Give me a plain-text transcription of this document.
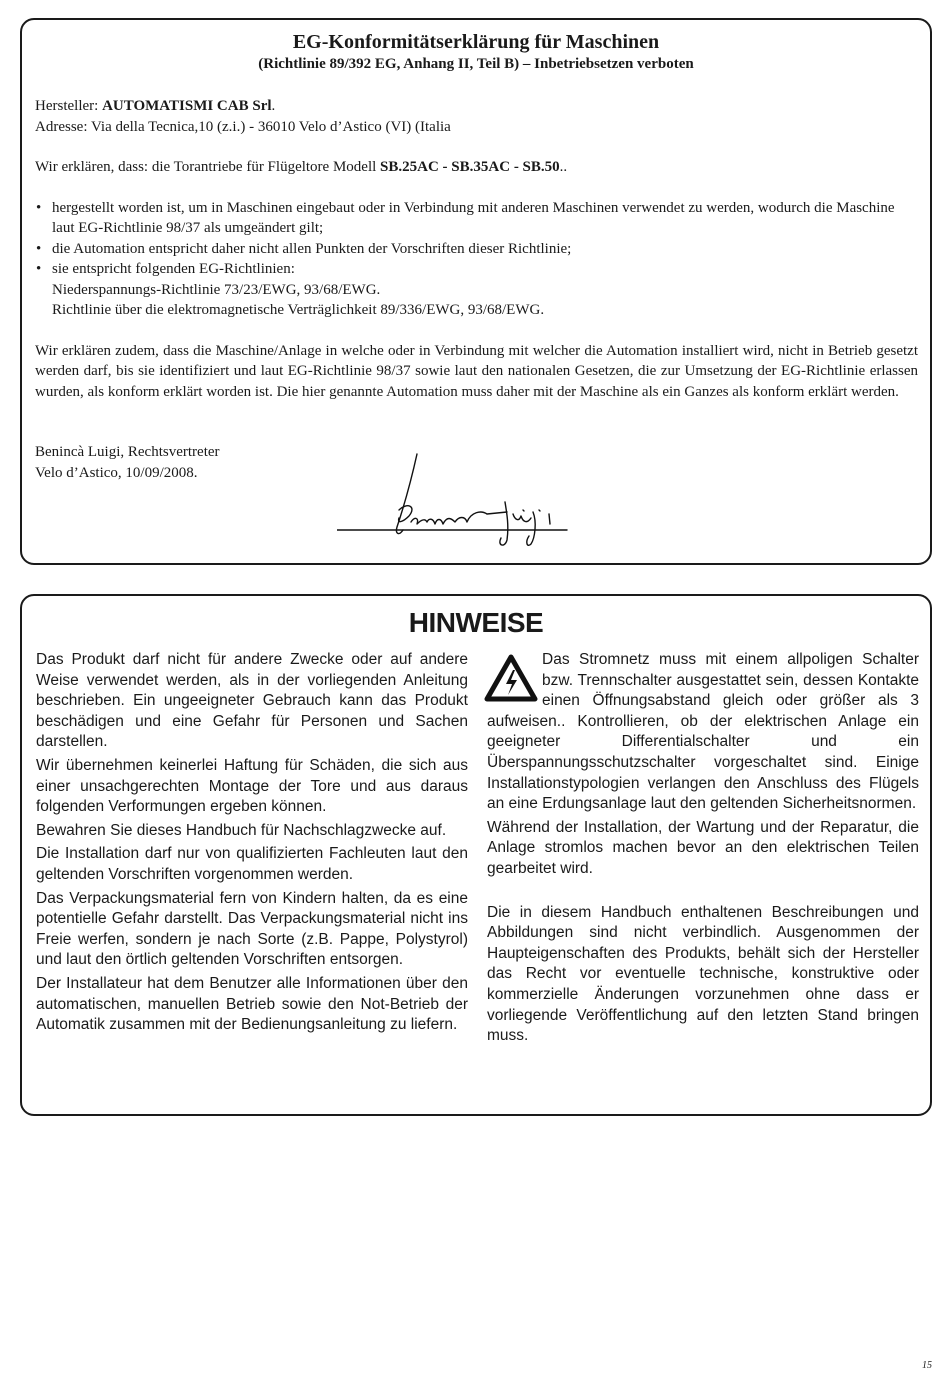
EG-Konformitätserklärung für Maschinen
(Richtlinie 89/392 EG, Anhang II, Teil B) – Inbetriebsetzen verboten

Hersteller: AUTOMATISMI CAB Srl.

Adresse: Via della Tecnica,10 (z.i.) - 36010 Velo d’Astico (VI) (Italia

Wir erklären, dass: die Torantriebe für Flügeltore Modell SB.25AC - SB.35AC - SB.50..

• hergestellt worden ist, um in Maschinen eingebaut oder in Verbindung mit anderen Maschinen verwendet zu werden, wodurch die Maschine laut EG-Richtlinie 98/37 als umgeändert gilt;
• die Automation entspricht daher nicht allen Punkten der Vorschriften dieser Richtlinie;
• sie entspricht folgenden EG-Richtlinien:

Niederspannungs-Richtlinie 73/23/EWG, 93/68/EWG.

Richtlinie über die elektromagnetische Verträglichkeit 89/336/EWG, 93/68/EWG.

Wir erklären zudem, dass die Maschine/Anlage in welche oder in Verbindung mit welcher die Automation installiert wird, nicht in Betrieb gesetzt werden darf, bis sie identifiziert und laut EG-Richtlinie 98/37 sowie laut den nationalen Gesetzen, die zur Umsetzung der EG-Richtlinie erlassen wurden, als konform erklärt worden ist. Die hier genannte Automation muss daher mit der Maschine als ein Ganzes als konform erklärt werden.

Benincà Luigi, Rechtsvertreter

Velo d’Astico, 10/09/2008.

HINWEISE

Das Produkt darf nicht für andere Zwecke oder auf andere Weise verwendet werden, als in der vorliegenden Anleitung beschrieben. Ein ungeeigneter Gebrauch kann das Produkt beschädigen und eine Gefahr für Personen und Sachen darstellen.

Wir übernehmen keinerlei Haftung für Schäden, die sich aus einer unsachgerechten Montage der Tore und aus daraus folgenden Verformungen ergeben können.

Bewahren Sie dieses Handbuch für Nachschlagzwecke auf.

Die Installation darf nur von qualifizierten Fachleuten laut den geltenden Vorschriften vorgenommen werden.

Das Verpackungsmaterial fern von Kindern halten, da es eine potentielle Gefahr darstellt. Das Verpackungsmaterial nicht ins Freie werfen, sondern je nach Sorte (z.B. Pappe, Polystyrol) und laut den örtlich geltenden Vorschriften entsorgen.

Der Installateur hat dem Benutzer alle Informationen über den automatischen, manuellen Betrieb sowie den Not-Betrieb der Automatik zusammen mit der Bedienungsanleitung zu liefern.

Das Stromnetz muss mit einem allpoligen Schalter bzw. Trennschalter ausgestattet sein, dessen Kontakte einen Öffnungsabstand gleich oder größer als 3 aufweisen.. Kontrollieren, ob der elektrischen Anlage ein geeigneter Differentialschalter und ein Überspannungsschutzschalter vorgeschaltet sind. Einige Installationstypologien verlangen den Anschluss des Flügels an eine Erdungsanlage laut den geltenden Sicherheitsnormen.

Während der Installation, der Wartung und der Reparatur, die Anlage stromlos machen bevor an den elektrischen Teilen gearbeitet wird.

Die in diesem Handbuch enthaltenen Beschreibungen und Abbildungen sind nicht verbindlich. Ausgenommen der Haupteigenschaften des Produkts, behält sich der Hersteller das Recht vor eventuelle technische, konstruktive oder kommerzielle Änderungen vorzunehmen ohne dass er vorliegende Veröffentlichung auf den letzten Stand bringen muss.

15
